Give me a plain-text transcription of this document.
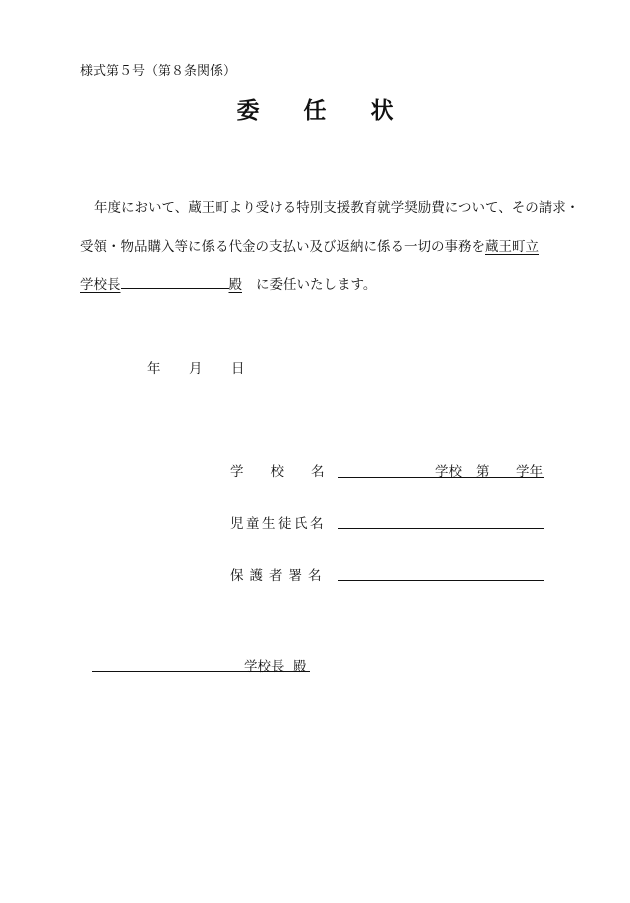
様式第５号（第８条関係）
委任状
年度において、蔵王町より受ける特別支援教育就学奨励費について、その請求・
受領・物品購入等に係る代金の支払い及び返納に係る一切の事務を蔵王町立
学校長	殿 に委任いたします。
年 月 日
学　　校　　名	学校 第 学年
児童生徒氏名
保護者署名
学校長 殿
